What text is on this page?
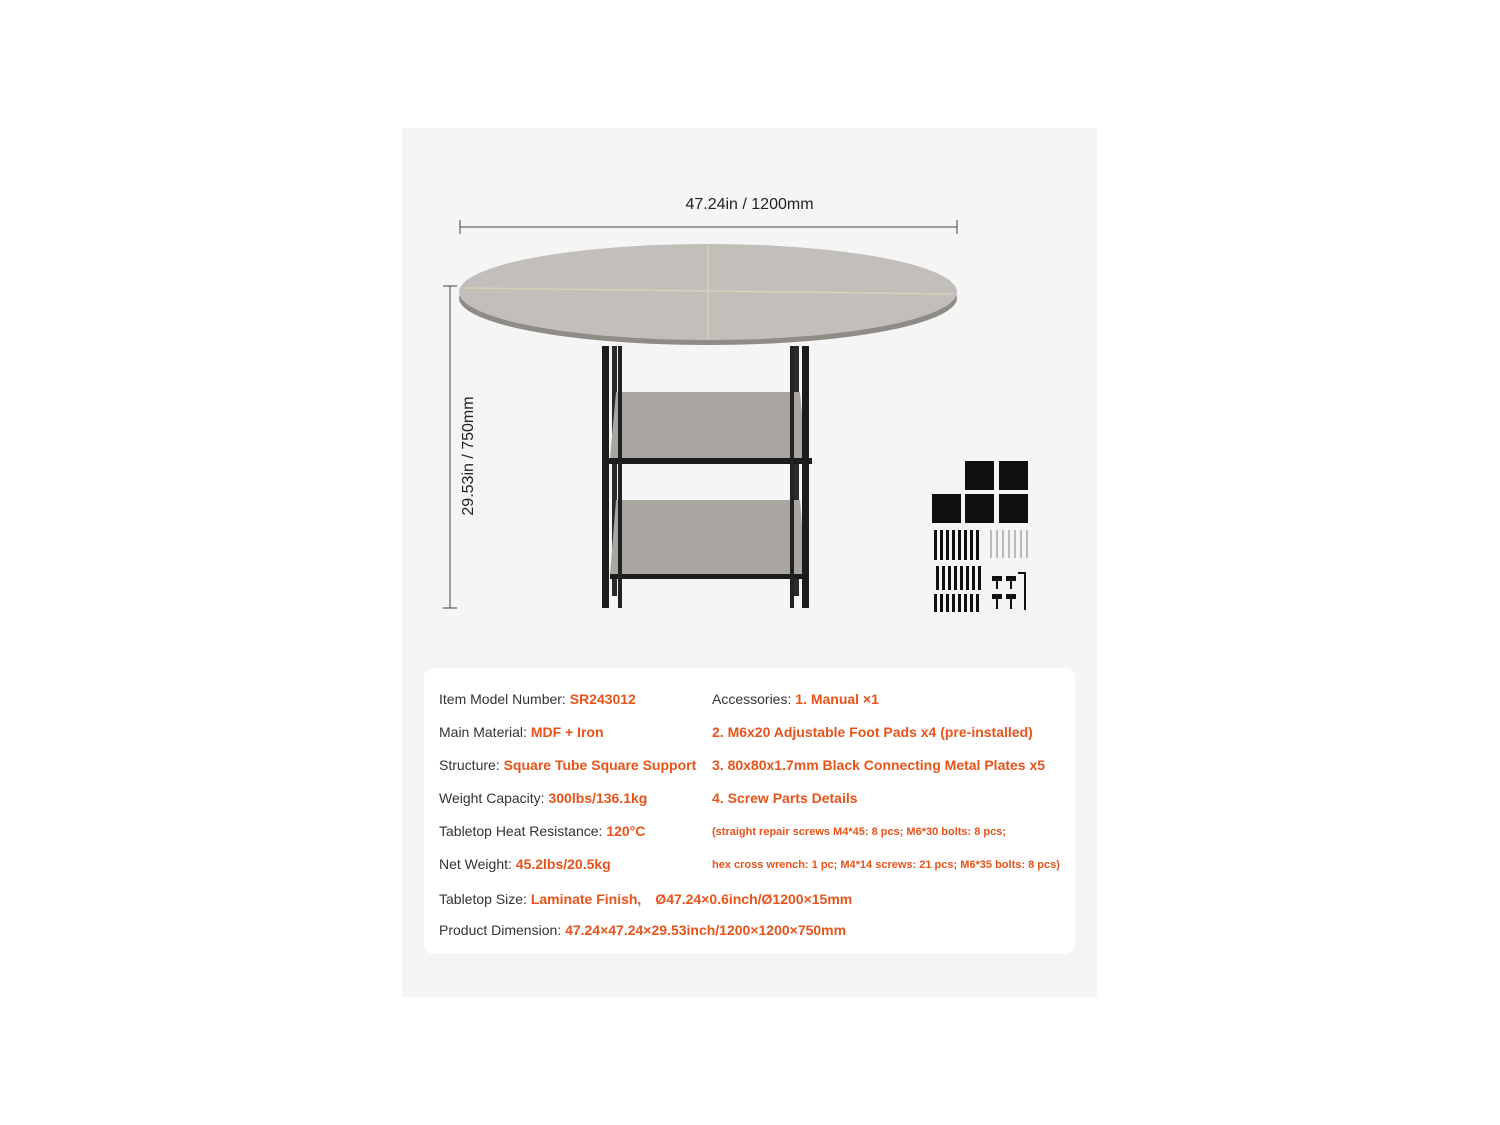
47.24in / 1200mm
29.53in / 750mm
Item Model Number: SR243012
Main Material: MDF + Iron
Structure: Square Tube Square Support
Weight Capacity: 300lbs/136.1kg
Tabletop Heat Resistance: 120°C
Net Weight: 45.2lbs/20.5kg
Tabletop Size: Laminate Finish,　Ø47.24×0.6inch/Ø1200×15mm
Product Dimension: 47.24×47.24×29.53inch/1200×1200×750mm
Accessories: 1. Manual ×1
2. M6x20 Adjustable Foot Pads x4 (pre-installed)
3. 80x80x1.7mm Black Connecting Metal Plates x5
4. Screw Parts Details
(straight repair screws M4*45: 8 pcs; M6*30 bolts: 8 pcs;
hex cross wrench: 1 pc; M4*14 screws: 21 pcs; M6*35 bolts: 8 pcs)
